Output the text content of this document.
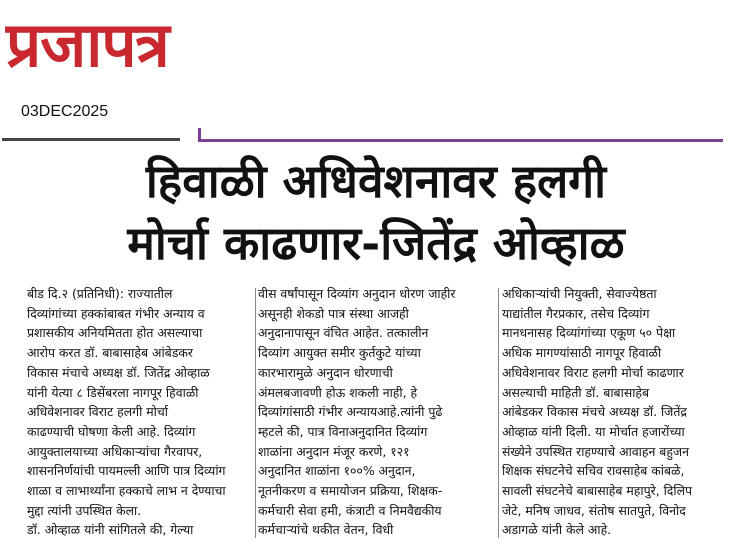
प्रजापत्र
03DEC2025
हिवाळी अधिवेशनावर हलगी
मोर्चा काढणार-जितेंद्र ओव्हाळ

बीड दि.२ (प्रतिनिधी): राज्यातील

दिव्यांगांच्या हक्कांबाबत गंभीर अन्याय व

प्रशासकीय अनियमितता होत असल्याचा

आरोप करत डॉ. बाबासाहेब आंबेडकर

विकास मंचाचे अध्यक्ष डॉ. जितेंद्र ओव्हाळ

यांनी येत्या ८ डिसेंबरला नागपूर हिवाळी

अधिवेशनावर विराट हलगी मोर्चा

काढण्याची घोषणा केली आहे. दिव्यांग

आयुक्तालयाच्या अधिकाऱ्यांचा गैरवापर,

शासननिर्णयांची पायमल्ली आणि पात्र दिव्यांग

शाळा व लाभार्थ्यांना हक्काचे लाभ न देण्याचा

मुद्दा त्यांनी उपस्थित केला.

डॉ. ओव्हाळ यांनी सांगितले की, गेल्या

वीस वर्षांपासून दिव्यांग अनुदान धोरण जाहीर

असूनही शेकडो पात्र संस्था आजही

अनुदानापासून वंचित आहेत. तत्कालीन

दिव्यांग आयुक्त समीर कुर्तकुटे यांच्या

कारभारामुळे अनुदान धोरणाची

अंमलबजावणी होऊ शकली नाही, हे

दिव्यांगांसाठी गंभीर अन्यायआहे.त्यांनी पुढे

म्हटले की, पात्र विनाअनुदानित दिव्यांग

शाळांना अनुदान मंजूर करणे, १२१

अनुदानित शाळांना १००% अनुदान,

नूतनीकरण व समायोजन प्रक्रिया, शिक्षक-

कर्मचारी सेवा हमी, कंत्राटी व निमवैद्यकीय

कर्मचाऱ्यांचे थकीत वेतन, विधी

अधिकाऱ्यांची नियुक्ती, सेवाज्येष्ठता

याद्यांतील गैरप्रकार, तसेच दिव्यांग

मानधनासह दिव्यांगांच्या एकूण ५० पेक्षा

अधिक मागण्यांसाठी नागपूर हिवाळी

अधिवेशनावर विराट हलगी मोर्चा काढणार

असल्याची माहिती डॉ. बाबासाहेब

आंबेडकर विकास मंचचे अध्यक्ष डॉ. जितेंद्र

ओव्हाळ यांनी दिली. या मोर्चात हजारोंच्या

संख्येने उपस्थित राहण्याचे आवाहन बहुजन

शिक्षक संघटनेचे सचिव रावसाहेब कांबळे,

सावली संघटनेचे बाबासाहेब महापुरे, दिलिप

जेटे, मनिष जाधव, संतोष सातपुते, विनोद

अडागळे यांनी केले आहे.
